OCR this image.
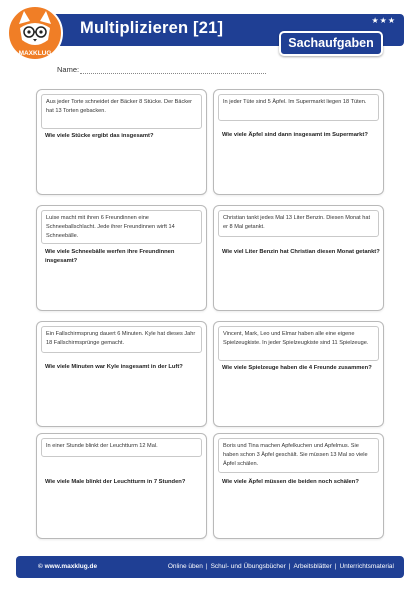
Multiplizieren [21]	★★★
Sachaufgaben
MAXKLUG
Name:
Aus jeder Torte schneidet der Bäcker 8 Stücke. Der Bäcker hat 13 Torten gebacken.
Wie viele Stücke ergibt das insgesamt?
In jeder Tüte sind 5 Äpfel. Im Supermarkt liegen 18 Tüten.
Wie viele Äpfel sind dann insgesamt im Supermarkt?
Luise macht mit ihren 6 Freundinnen eine Schneeballschlacht. Jede ihrer Freundinnen wirft 14 Schneebälle.
Wie viele Schneebälle werfen ihre Freundinnen insgesamt?
Christian tankt jedes Mal 13 Liter Benzin. Diesen Monat hat er 8 Mal getankt.
Wie viel Liter Benzin hat Christian diesen Monat getankt?
Ein Fallschirmsprung dauert 6 Minuten. Kyle hat dieses Jahr 18 Fallschirmsprünge gemacht.
Wie viele Minuten war Kyle insgesamt in der Luft?
Vincent, Mark, Leo und Elmar haben alle eine eigene Spielzeugkiste. In jeder Spielzeugkiste sind 11 Spielzeuge.
Wie viele Spielzeuge haben die 4 Freunde zusammen?
In einer Stunde blinkt der Leuchtturm 12 Mal.
Wie viele Male blinkt der Leuchtturm in 7 Stunden?
Boris und Tina machen Apfelkuchen und Apfelmus. Sie haben schon 3 Äpfel geschält. Sie müssen 13 Mal so viele Äpfel schälen.
Wie viele Äpfel müssen die beiden noch schälen?
© www.maxklug.de	Online üben | Schul- und Übungsbücher | Arbeitsblätter | Unterrichtsmaterial
